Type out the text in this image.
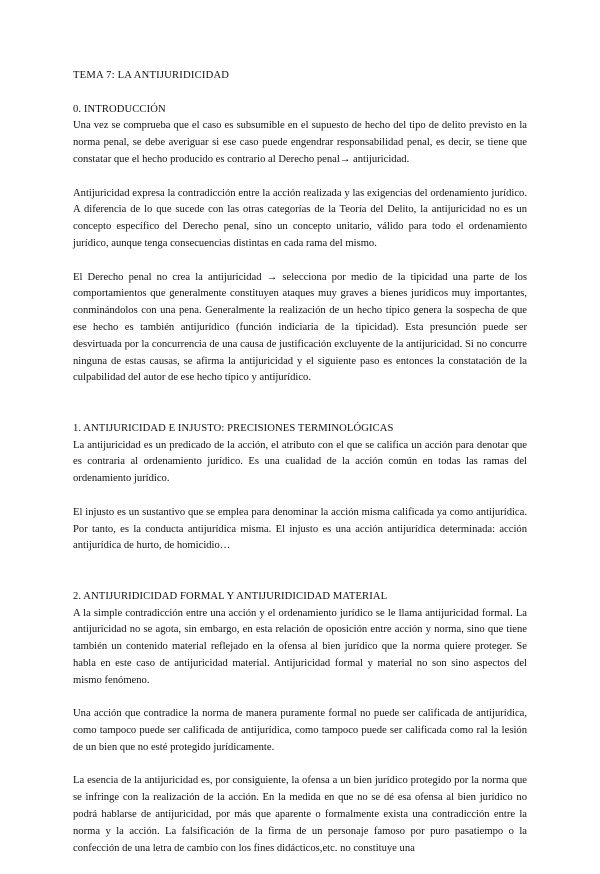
TEMA 7: LA ANTIJURIDICIDAD
0. INTRODUCCIÓN

Una vez se comprueba que el caso es subsumible en el supuesto de hecho del tipo de delito previsto en la norma penal, se debe averiguar si ese caso puede engendrar responsabilidad penal, es decir, se tiene que constatar que el hecho producido es contrario al Derecho penal→ antijuricidad.

Antijuricidad expresa la contradicción entre la acción realizada y las exigencias del ordenamiento jurídico. A diferencia de lo que sucede con las otras categorías de la Teoría del Delito, la antijuricidad no es un concepto específico del Derecho penal, sino un concepto unitario, válido para todo el ordenamiento jurídico, aunque tenga consecuencias distintas en cada rama del mismo.

El Derecho penal no crea la antijuricidad → selecciona por medio de la tipicidad una parte de los comportamientos que generalmente constituyen ataques muy graves a bienes jurídicos muy importantes, conminándolos con una pena. Generalmente la realización de un hecho típico genera la sospecha de que ese hecho es también antijurídico (función indiciaria de la tipicidad). Esta presunción puede ser desvirtuada por la concurrencia de una causa de justificación excluyente de la antijuricidad. Si no concurre ninguna de estas causas, se afirma la antijuricidad y el siguiente paso es entonces la constatación de la culpabilidad del autor de ese hecho típico y antijurídico.

1. ANTIJURICIDAD E INJUSTO: PRECISIONES TERMINOLÓGICAS

La antijuricidad es un predicado de la acción, el atributo con el que se califica un acción para denotar que es contraria al ordenamiento jurídico. Es una cualidad de la acción común en todas las ramas del ordenamiento jurídico.

El injusto es un sustantivo que se emplea para denominar la acción misma calificada ya como antijurídica. Por tanto, es la conducta antijurídica misma. El injusto es una acción antijurídica determinada: acción antijurídica de hurto, de homicidio…

2. ANTIJURIDICIDAD FORMAL Y ANTIJURIDICIDAD MATERIAL

A la simple contradicción entre una acción y el ordenamiento jurídico se le llama antijuricidad formal. La antijuricidad no se agota, sin embargo, en esta relación de oposición entre acción y norma, sino que tiene también un contenido material reflejado en la ofensa al bien jurídico que la norma quiere proteger. Se habla en este caso de antijuricidad material. Antijuricidad formal y material no son sino aspectos del mismo fenómeno.

Una acción que contradice la norma de manera puramente formal no puede ser calificada de antijurídica, como tampoco puede ser calificada de antijurídica, como tampoco puede ser calificada como ral la lesión de un bien que no esté protegido jurídicamente.

La esencia de la antijuricidad es, por consiguiente, la ofensa a un bien jurídico protegido por la norma que se infringe con la realización de la acción. En la medida en que no se dé esa ofensa al bien jurídico no podrá hablarse de antijuricidad, por más que aparente o formalmente exista una contradicción entre la norma y la acción. La falsificación de la firma de un personaje famoso por puro pasatiempo o la confección de una letra de cambio con los fines didácticos,etc. no constituye una
